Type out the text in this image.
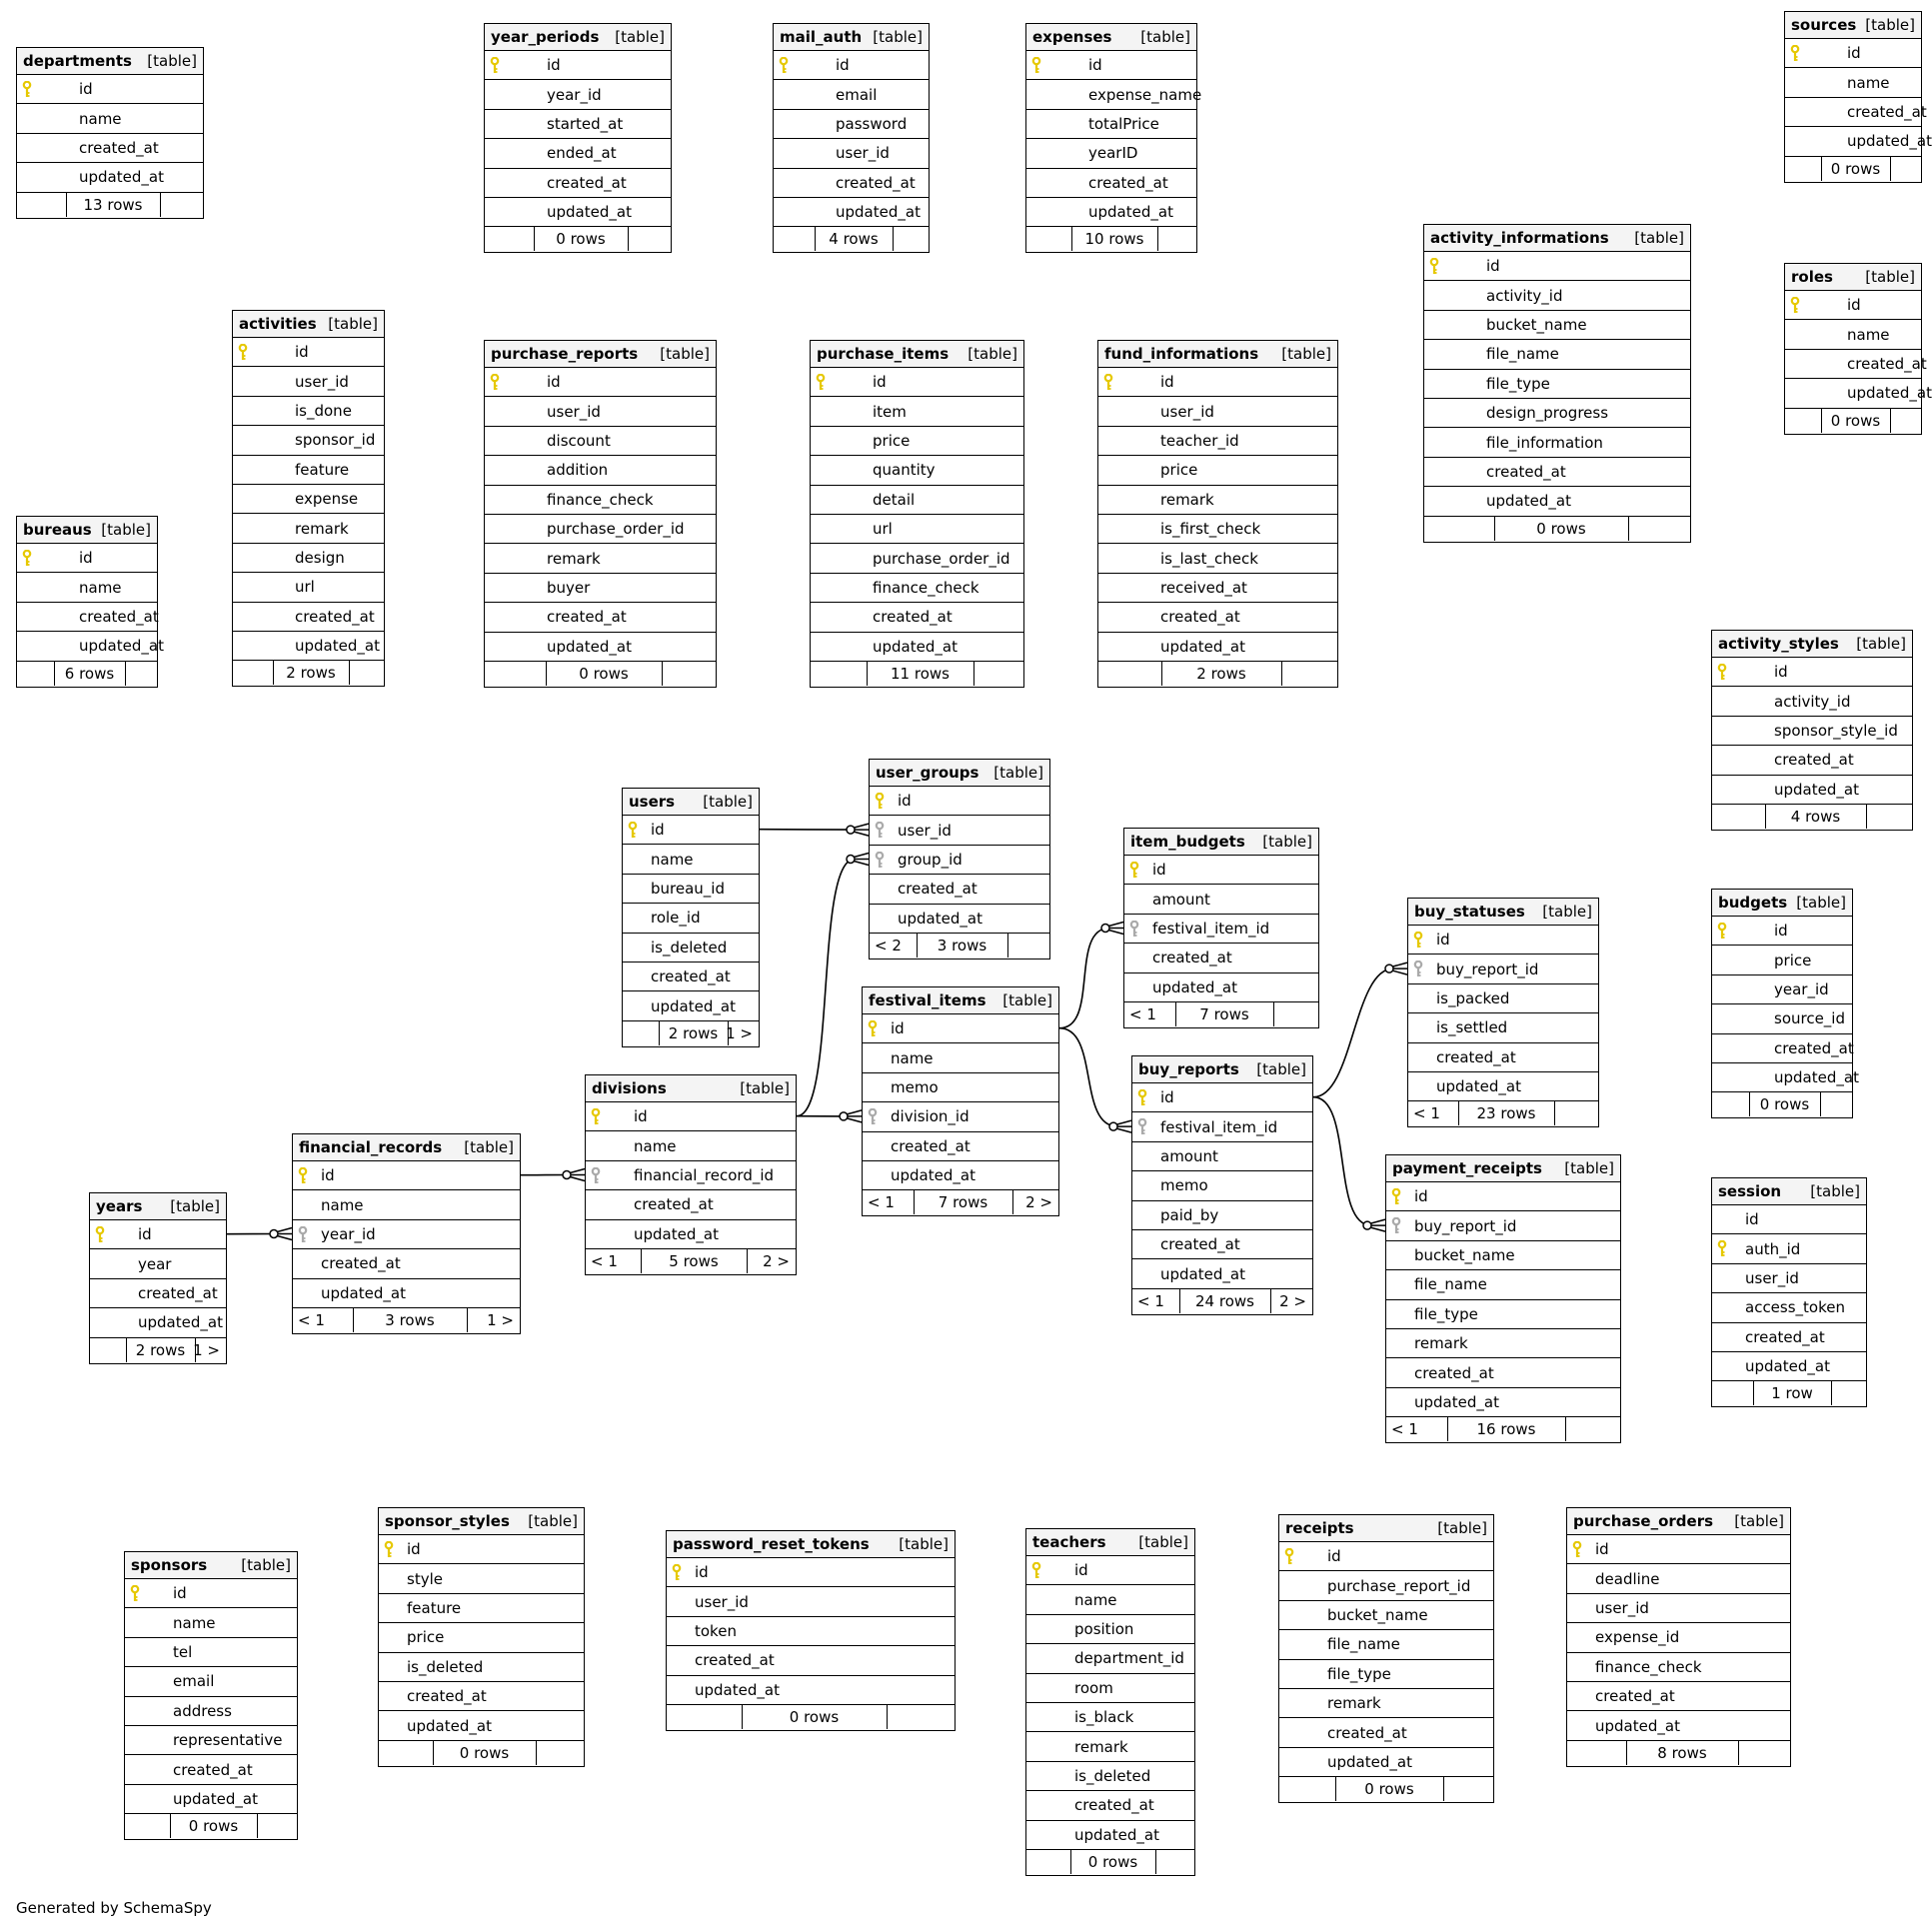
departments [table]
id
name
created_at
updated_at
13 rows
year_periods [table]
id
year_id
started_at
ended_at
created_at
updated_at
0 rows
mail_auth [table]
id
email
password
user_id
created_at
updated_at
4 rows
expenses [table]
id
expense_name
totalPrice
yearID
created_at
updated_at
10 rows
sources [table]
id
name
created_at
updated_at
0 rows
activity_informations [table]
id
activity_id
bucket_name
file_name
file_type
design_progress
file_information
created_at
updated_at
0 rows
roles [table]
id
name
created_at
updated_at
0 rows
activities [table]
id
user_id
is_done
sponsor_id
feature
expense
remark
design
url
created_at
updated_at
2 rows
purchase_reports [table]
id
user_id
discount
addition
finance_check
purchase_order_id
remark
buyer
created_at
updated_at
0 rows
purchase_items [table]
id
item
price
quantity
detail
url
purchase_order_id
finance_check
created_at
updated_at
11 rows
fund_informations [table]
id
user_id
teacher_id
price
remark
is_first_check
is_last_check
received_at
created_at
updated_at
2 rows
bureaus [table]
id
name
created_at
updated_at
6 rows
activity_styles [table]
id
activity_id
sponsor_style_id
created_at
updated_at
4 rows
users [table]
id
name
bureau_id
role_id
is_deleted
created_at
updated_at
2 rows 1 >
user_groups [table]
id
user_id
group_id
created_at
updated_at
< 2	3 rows
item_budgets [table]
id
amount
festival_item_id
created_at
updated_at
< 1	7 rows
buy_statuses [table]
id
buy_report_id
is_packed
is_settled
created_at
updated_at
< 1	23 rows
budgets [table]
id
price
year_id
source_id
created_at
updated_at
0 rows
festival_items [table]
id
name
memo
division_id
created_at
updated_at
< 1	7 rows	2 >
buy_reports [table]
id
festival_item_id
amount
memo
paid_by
created_at
updated_at
< 1	24 rows	2 >
divisions	[table]
id
name
financial_record_id
created_at
updated_at
< 1	5 rows	2 >
payment_receipts [table]
id
buy_report_id
bucket_name
file_name
file_type
remark
created_at
updated_at
< 1	16 rows
session [table]
id
auth_id
user_id
access_token
created_at
updated_at
1 row
financial_records [table]
id
name
year_id
created_at
updated_at
< 1	3 rows	1 >
years [table]
id
year
created_at
updated_at
2 rows 1 >
sponsors [table]
id
name
tel
email
address
representative
created_at
updated_at
0 rows
sponsor_styles [table]
id
style
feature
price
is_deleted
created_at
updated_at
0 rows
password_reset_tokens [table]
id
user_id
token
created_at
updated_at
0 rows
teachers [table]
id
name
position
department_id
room
is_black
remark
is_deleted
created_at
updated_at
0 rows
receipts	[table]
id
purchase_report_id
bucket_name
file_name
file_type
remark
created_at
updated_at
0 rows
purchase_orders [table]
id
deadline
user_id
expense_id
finance_check
created_at
updated_at
8 rows
Generated by SchemaSpy
